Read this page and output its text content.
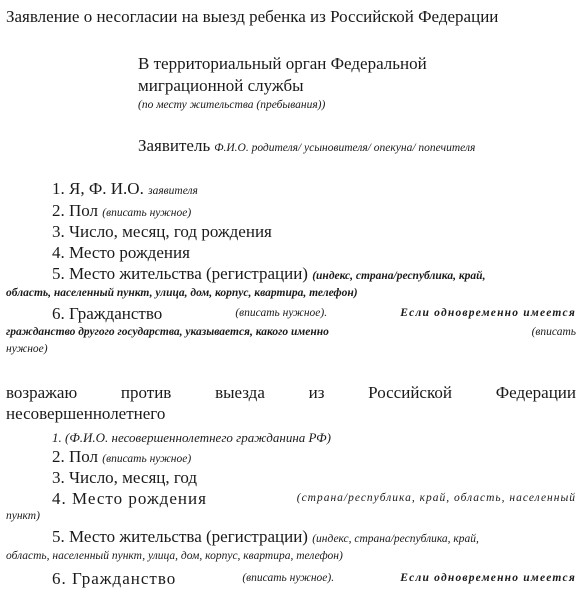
Заявление о несогласии на выезд ребенка из Российской Федерации
В территориальный орган Федеральной
миграционной службы
(по месту жительства (пребывания))
Заявитель Ф.И.О. родителя/ усыновителя/ опекуна/ попечителя
1. Я, Ф. И.О. заявителя
2. Пол (вписать нужное)
3. Число, месяц, год рождения
4. Место рождения
5. Место жительства (регистрации) (индекс, страна/республика, край,
область, населенный пункт, улица, дом, корпус, квартира, телефон)
6. Гражданство	(вписать нужное).	Если одновременно имеется
гражданство другого государства, указывается, какого именно	(вписать
нужное)
возражаю против выезда из Российской Федерации
несовершеннолетнего
1. (Ф.И.О. несовершеннолетнего гражданина РФ)
2. Пол (вписать нужное)
3. Число, месяц, год
4. Место рождения	(страна/республика, край, область, населенный
пункт)
5. Место жительства (регистрации) (индекс, страна/республика, край,
область, населенный пункт, улица, дом, корпус, квартира, телефон)
6. Гражданство	(вписать нужное).	Если одновременно имеется
